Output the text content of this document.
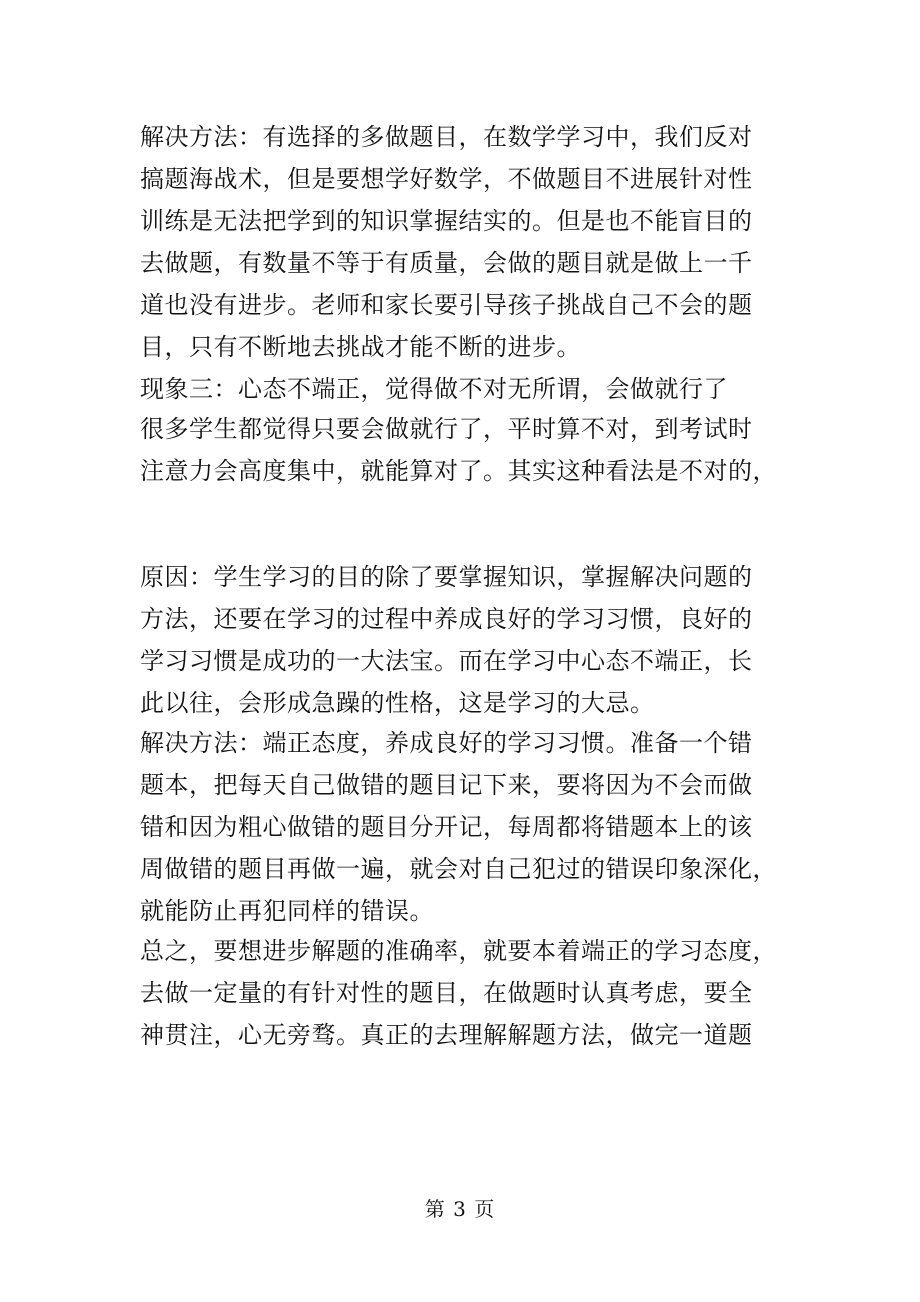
解决方法：有选择的多做题目，在数学学习中，我们反对
搞题海战术，但是要想学好数学，不做题目不进展针对性
训练是无法把学到的知识掌握结实的。但是也不能盲目的
去做题，有数量不等于有质量，会做的题目就是做上一千
道也没有进步。老师和家长要引导孩子挑战自己不会的题
目，只有不断地去挑战才能不断的进步。
现象三：心态不端正，觉得做不对无所谓，会做就行了
很多学生都觉得只要会做就行了，平时算不对，到考试时
注意力会高度集中，就能算对了。其实这种看法是不对的，
原因：学生学习的目的除了要掌握知识，掌握解决问题的
方法，还要在学习的过程中养成良好的学习习惯，良好的
学习习惯是成功的一大法宝。而在学习中心态不端正，长
此以往，会形成急躁的性格，这是学习的大忌。
解决方法：端正态度，养成良好的学习习惯。准备一个错
题本，把每天自己做错的题目记下来，要将因为不会而做
错和因为粗心做错的题目分开记，每周都将错题本上的该
周做错的题目再做一遍，就会对自己犯过的错误印象深化，
就能防止再犯同样的错误。
总之，要想进步解题的准确率，就要本着端正的学习态度，
去做一定量的有针对性的题目，在做题时认真考虑，要全
神贯注，心无旁骛。真正的去理解解题方法，做完一道题
第 3 页
